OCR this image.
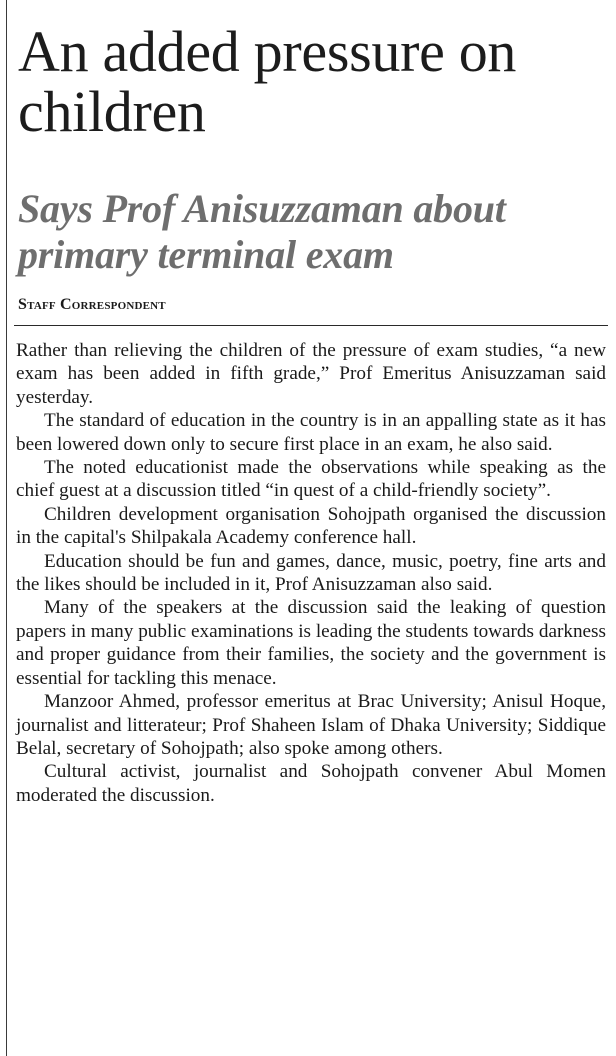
An added pressure on children
Says Prof Anisuzzaman about primary terminal exam
Staff Correspondent

Rather than relieving the children of the pressure of exam studies, “a new exam has been added in fifth grade,” Prof Emeritus Anisuzzaman said yesterday.

The standard of education in the country is in an appalling state as it has been lowered down only to secure first place in an exam, he also said.

The noted educationist made the observations while speaking as the chief guest at a discussion titled “in quest of a child-friendly society”.

Children development organisation Sohojpath organised the discussion in the capital's Shilpakala Academy conference hall.

Education should be fun and games, dance, music, poetry, fine arts and the likes should be included in it, Prof Anisuzzaman also said.

Many of the speakers at the discussion said the leaking of question papers in many public examinations is leading the students towards darkness and proper guidance from their families, the society and the government is essential for tackling this menace.

Manzoor Ahmed, professor emeritus at Brac University; Anisul Hoque, journalist and litterateur; Prof Shaheen Islam of Dhaka University; Siddique Belal, secretary of Sohojpath; also spoke among others.

Cultural activist, journalist and Sohojpath convener Abul Momen moderated the discussion.
